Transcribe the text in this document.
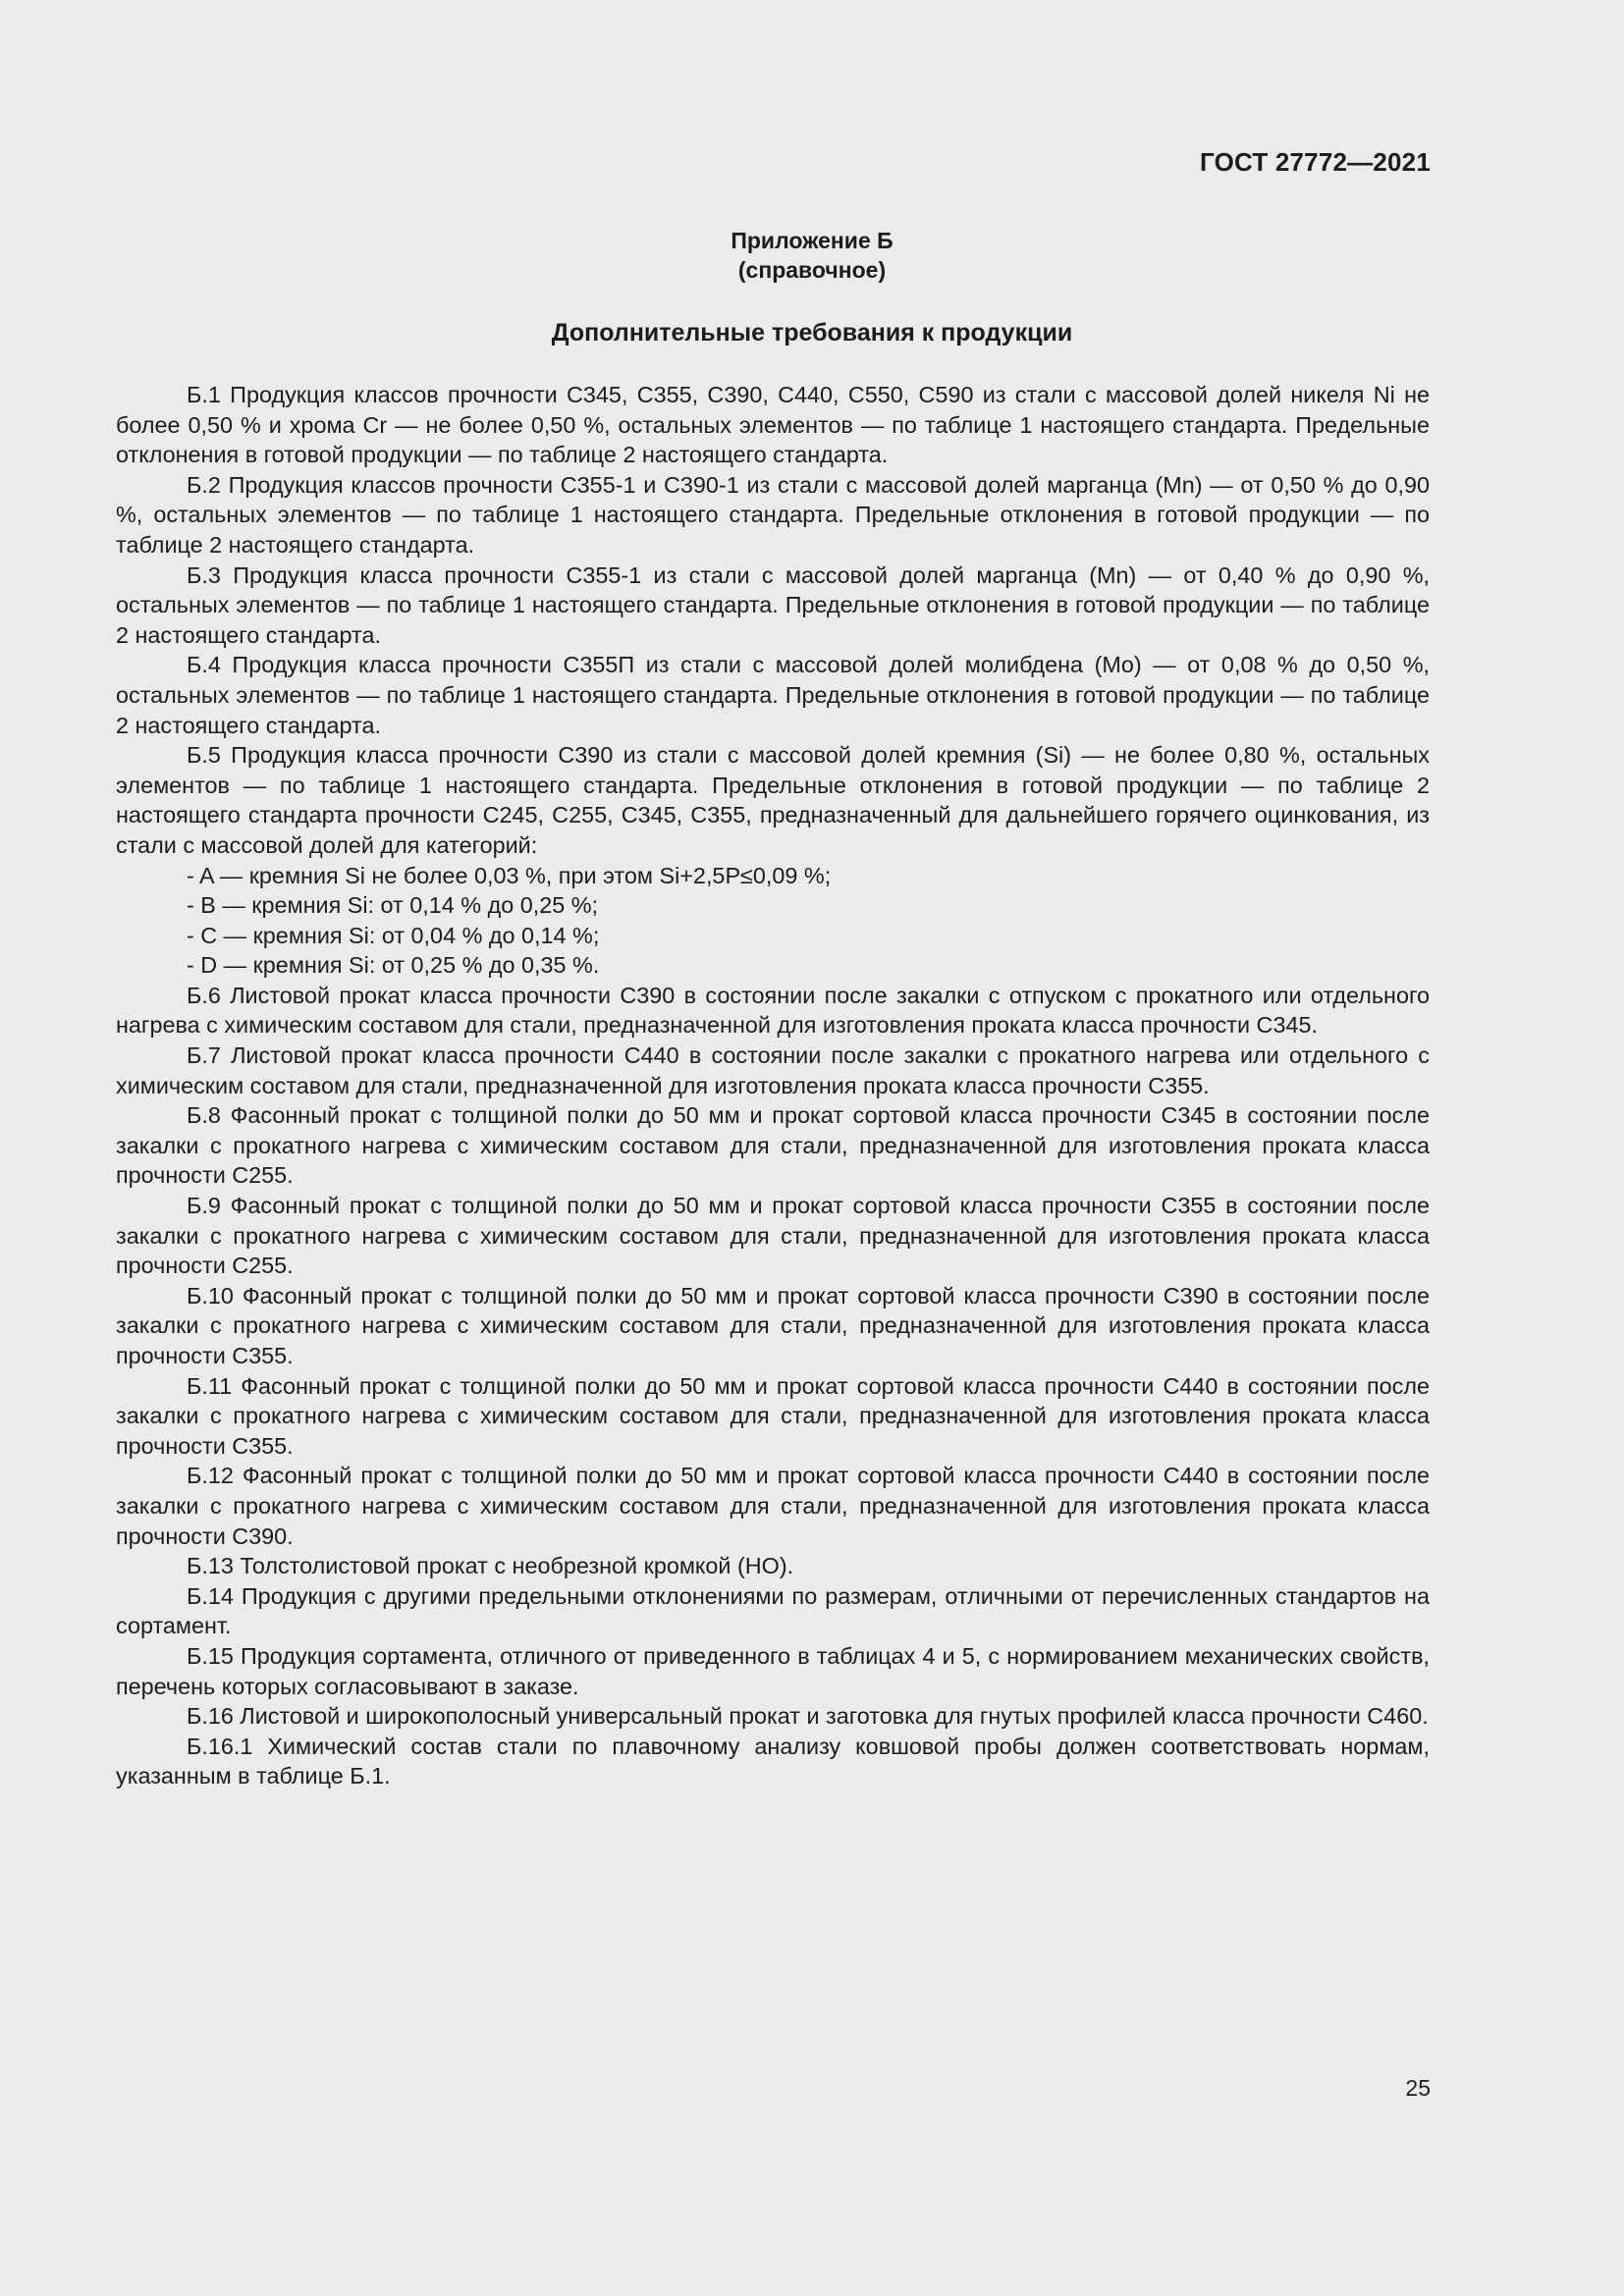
ГОСТ 27772—2021
Приложение Б
(справочное)
Дополнительные требования к продукции

Б.1 Продукция классов прочности С345, С355, С390, С440, С550, С590 из стали с массовой долей никеля Ni не более 0,50 % и хрома Cr — не более 0,50 %, остальных элементов — по таблице 1 настоящего стандарта. Предельные отклонения в готовой продукции — по таблице 2 настоящего стандарта.

Б.2 Продукция классов прочности С355-1 и С390-1 из стали с массовой долей марганца (Mn) — от 0,50 % до 0,90 %, остальных элементов — по таблице 1 настоящего стандарта. Предельные отклонения в готовой продукции — по таблице 2 настоящего стандарта.

Б.3 Продукция класса прочности С355-1 из стали с массовой долей марганца (Mn) — от 0,40 % до 0,90 %, остальных элементов — по таблице 1 настоящего стандарта. Предельные отклонения в готовой продукции — по таблице 2 настоящего стандарта.

Б.4 Продукция класса прочности С355П из стали с массовой долей молибдена (Mo) — от 0,08 % до 0,50 %, остальных элементов — по таблице 1 настоящего стандарта. Предельные отклонения в готовой продукции — по таблице 2 настоящего стандарта.

Б.5 Продукция класса прочности С390 из стали с массовой долей кремния (Si) — не более 0,80 %, остальных элементов — по таблице 1 настоящего стандарта. Предельные отклонения в готовой продукции — по таблице 2 настоящего стандарта прочности С245, С255, С345, С355, предназначенный для дальнейшего горячего оцинкования, из стали с массовой долей для категорий:

- A — кремния Si не более 0,03 %, при этом Si+2,5P≤0,09 %;

- B — кремния Si: от 0,14 % до 0,25 %;

- C — кремния Si: от 0,04 % до 0,14 %;

- D — кремния Si: от 0,25 % до 0,35 %.

Б.6 Листовой прокат класса прочности С390 в состоянии после закалки с отпуском с прокатного или отдельного нагрева с химическим составом для стали, предназначенной для изготовления проката класса прочности С345.

Б.7 Листовой прокат класса прочности С440 в состоянии после закалки с прокатного нагрева или отдельного с химическим составом для стали, предназначенной для изготовления проката класса прочности С355.

Б.8 Фасонный прокат с толщиной полки до 50 мм и прокат сортовой класса прочности С345 в состоянии после закалки с прокатного нагрева с химическим составом для стали, предназначенной для изготовления проката класса прочности С255.

Б.9 Фасонный прокат с толщиной полки до 50 мм и прокат сортовой класса прочности С355 в состоянии после закалки с прокатного нагрева с химическим составом для стали, предназначенной для изготовления проката класса прочности С255.

Б.10 Фасонный прокат с толщиной полки до 50 мм и прокат сортовой класса прочности С390 в состоянии после закалки с прокатного нагрева с химическим составом для стали, предназначенной для изготовления проката класса прочности С355.

Б.11 Фасонный прокат с толщиной полки до 50 мм и прокат сортовой класса прочности С440 в состоянии после закалки с прокатного нагрева с химическим составом для стали, предназначенной для изготовления проката класса прочности С355.

Б.12 Фасонный прокат с толщиной полки до 50 мм и прокат сортовой класса прочности С440 в состоянии после закалки с прокатного нагрева с химическим составом для стали, предназначенной для изготовления проката класса прочности С390.

Б.13 Толстолистовой прокат с необрезной кромкой (НО).

Б.14 Продукция с другими предельными отклонениями по размерам, отличными от перечисленных стандартов на сортамент.

Б.15 Продукция сортамента, отличного от приведенного в таблицах 4 и 5, с нормированием механических свойств, перечень которых согласовывают в заказе.

Б.16 Листовой и широкополосный универсальный прокат и заготовка для гнутых профилей класса прочности С460.

Б.16.1 Химический состав стали по плавочному анализу ковшовой пробы должен соответствовать нормам, указанным в таблице Б.1.

25
